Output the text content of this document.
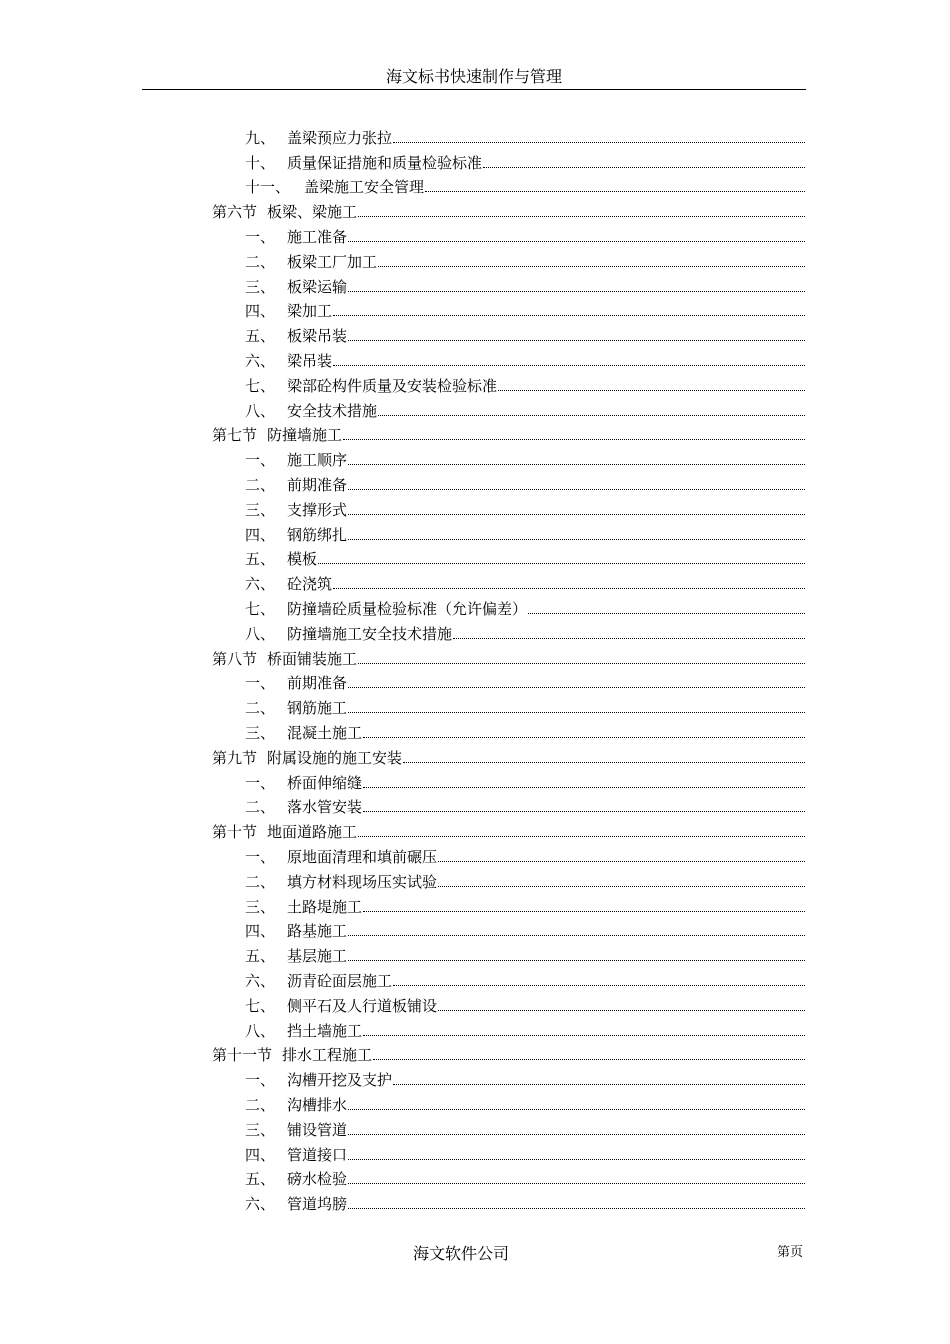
海文标书快速制作与管理
九、 盖梁预应力张拉
十、 质量保证措施和质量检验标准
十一、 盖梁施工安全管理
第六节 板梁、梁施工
一、 施工准备
二、 板梁工厂加工
三、 板梁运输
四、 梁加工
五、 板梁吊装
六、 梁吊装
七、 梁部砼构件质量及安装检验标准
八、 安全技术措施
第七节 防撞墙施工
一、 施工顺序
二、 前期准备
三、 支撑形式
四、 钢筋绑扎
五、 模板
六、 砼浇筑
七、 防撞墙砼质量检验标准（允许偏差）
八、 防撞墙施工安全技术措施
第八节 桥面铺装施工
一、 前期准备
二、 钢筋施工
三、 混凝土施工
第九节 附属设施的施工安装
一、 桥面伸缩缝
二、 落水管安装
第十节 地面道路施工
一、 原地面清理和填前碾压
二、 填方材料现场压实试验
三、 土路堤施工
四、 路基施工
五、 基层施工
六、 沥青砼面层施工
七、 侧平石及人行道板铺设
八、 挡土墙施工
第十一节 排水工程施工
一、 沟槽开挖及支护
二、 沟槽排水
三、 铺设管道
四、 管道接口
五、 磅水检验
六、 管道坞膀
海文软件公司	第页
